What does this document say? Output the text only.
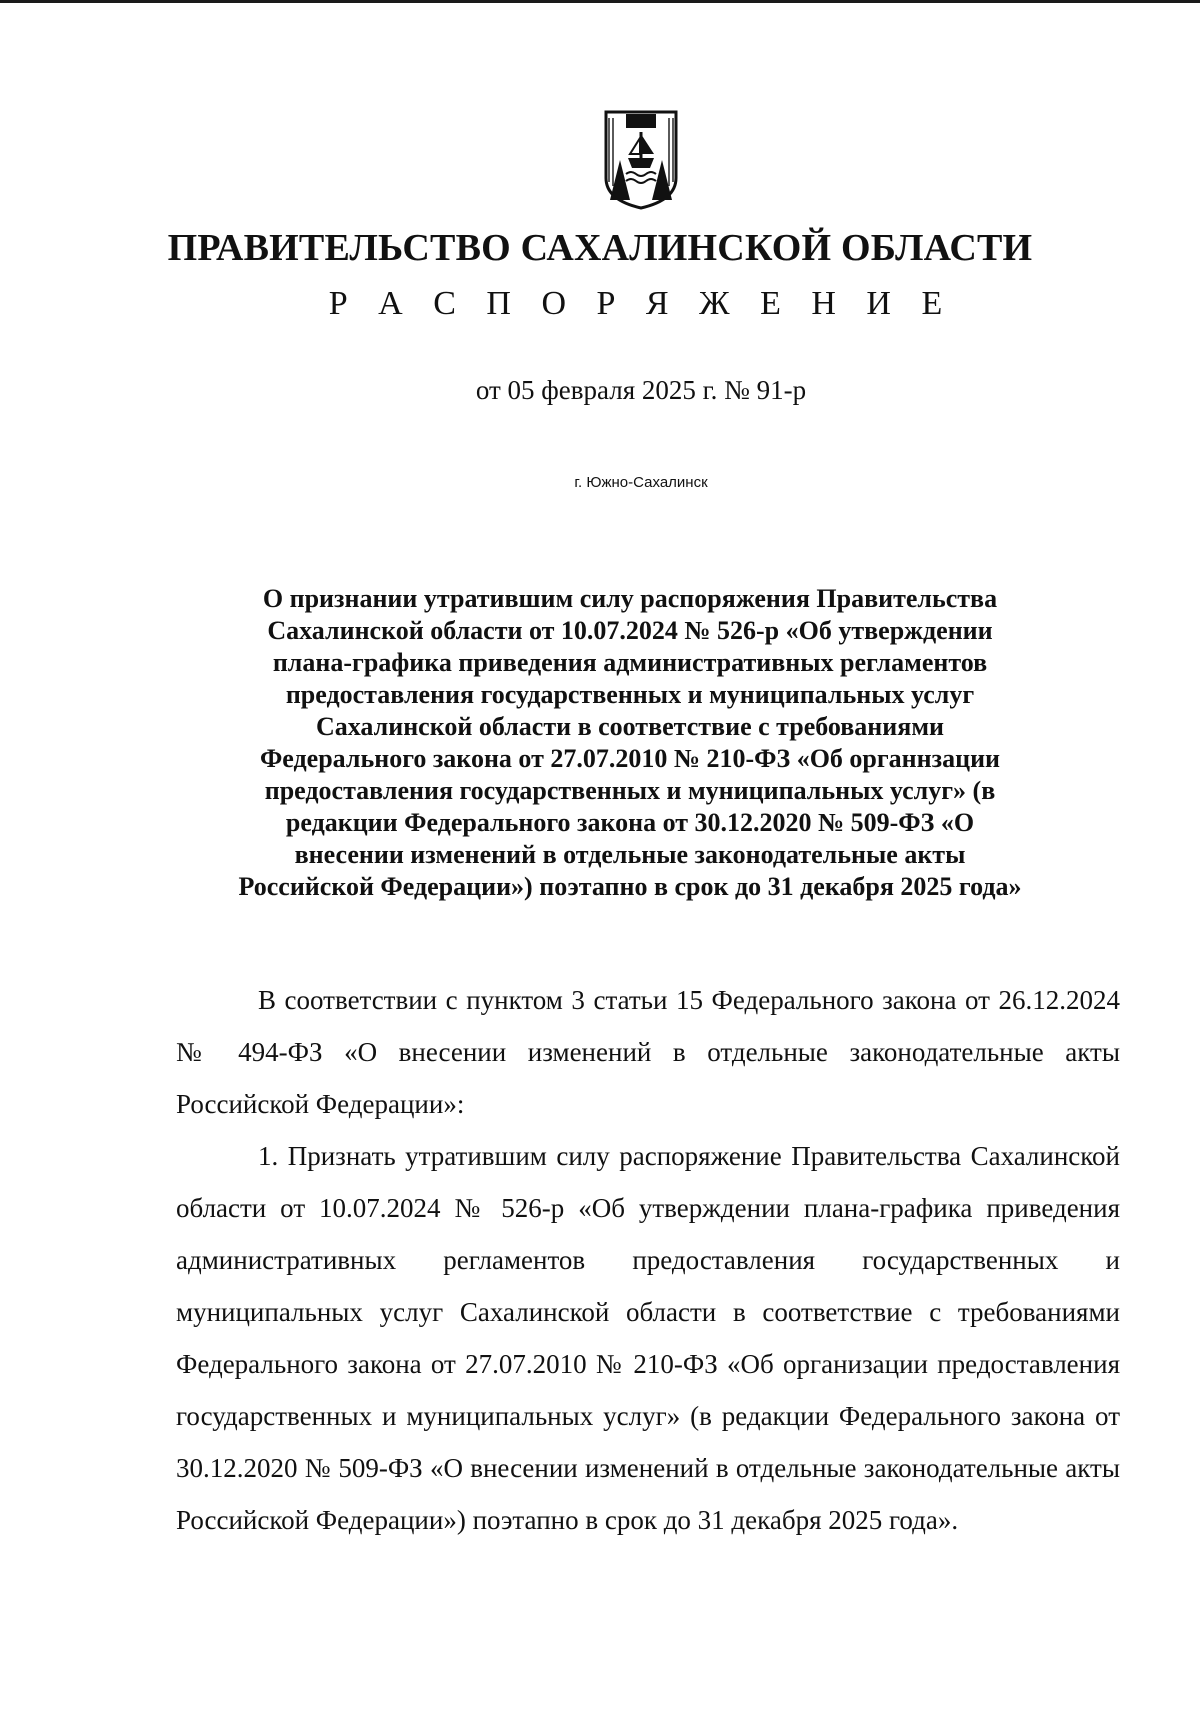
ПРАВИТЕЛЬСТВО САХАЛИНСКОЙ ОБЛАСТИ
Р А С П О Р Я Ж Е Н И Е
от 05 февраля 2025 г. № 91-р
г. Южно-Сахалинск
О признании утратившим силу распоряжения Правительства
Сахалинской области от 10.07.2024 № 526-р «Об утверждении
плана-графика приведения административных регламентов
предоставления государственных и муниципальных услуг
Сахалинской области в соответствие с требованиями
Федерального закона от 27.07.2010 № 210-ФЗ «Об органнзации
предоставления государственных и муниципальных услуг» (в
редакции Федерального закона от 30.12.2020 № 509-ФЗ «О
внесении изменений в отдельные законодательные акты
Российской Федерации») поэтапно в срок до 31 декабря 2025 года»

В соответствии с пунктом 3 статьи 15 Федерального закона от 26.12.2024 № 494-ФЗ «О внесении изменений в отдельные законодательные акты Российской Федерации»:

1. Признать утратившим силу распоряжение Правительства Сахалинской области от 10.07.2024 № 526-р «Об утверждении плана-графика приведения административных регламентов предоставления государственных и муниципальных услуг Сахалинской области в соответствие с требованиями Федерального закона от 27.07.2010 № 210-ФЗ «Об организации предоставления государственных и муниципальных услуг» (в редакции Федерального закона от 30.12.2020 № 509-ФЗ «О внесении изменений в отдельные законодательные акты Российской Федерации») поэтапно в срок до 31 декабря 2025 года».
